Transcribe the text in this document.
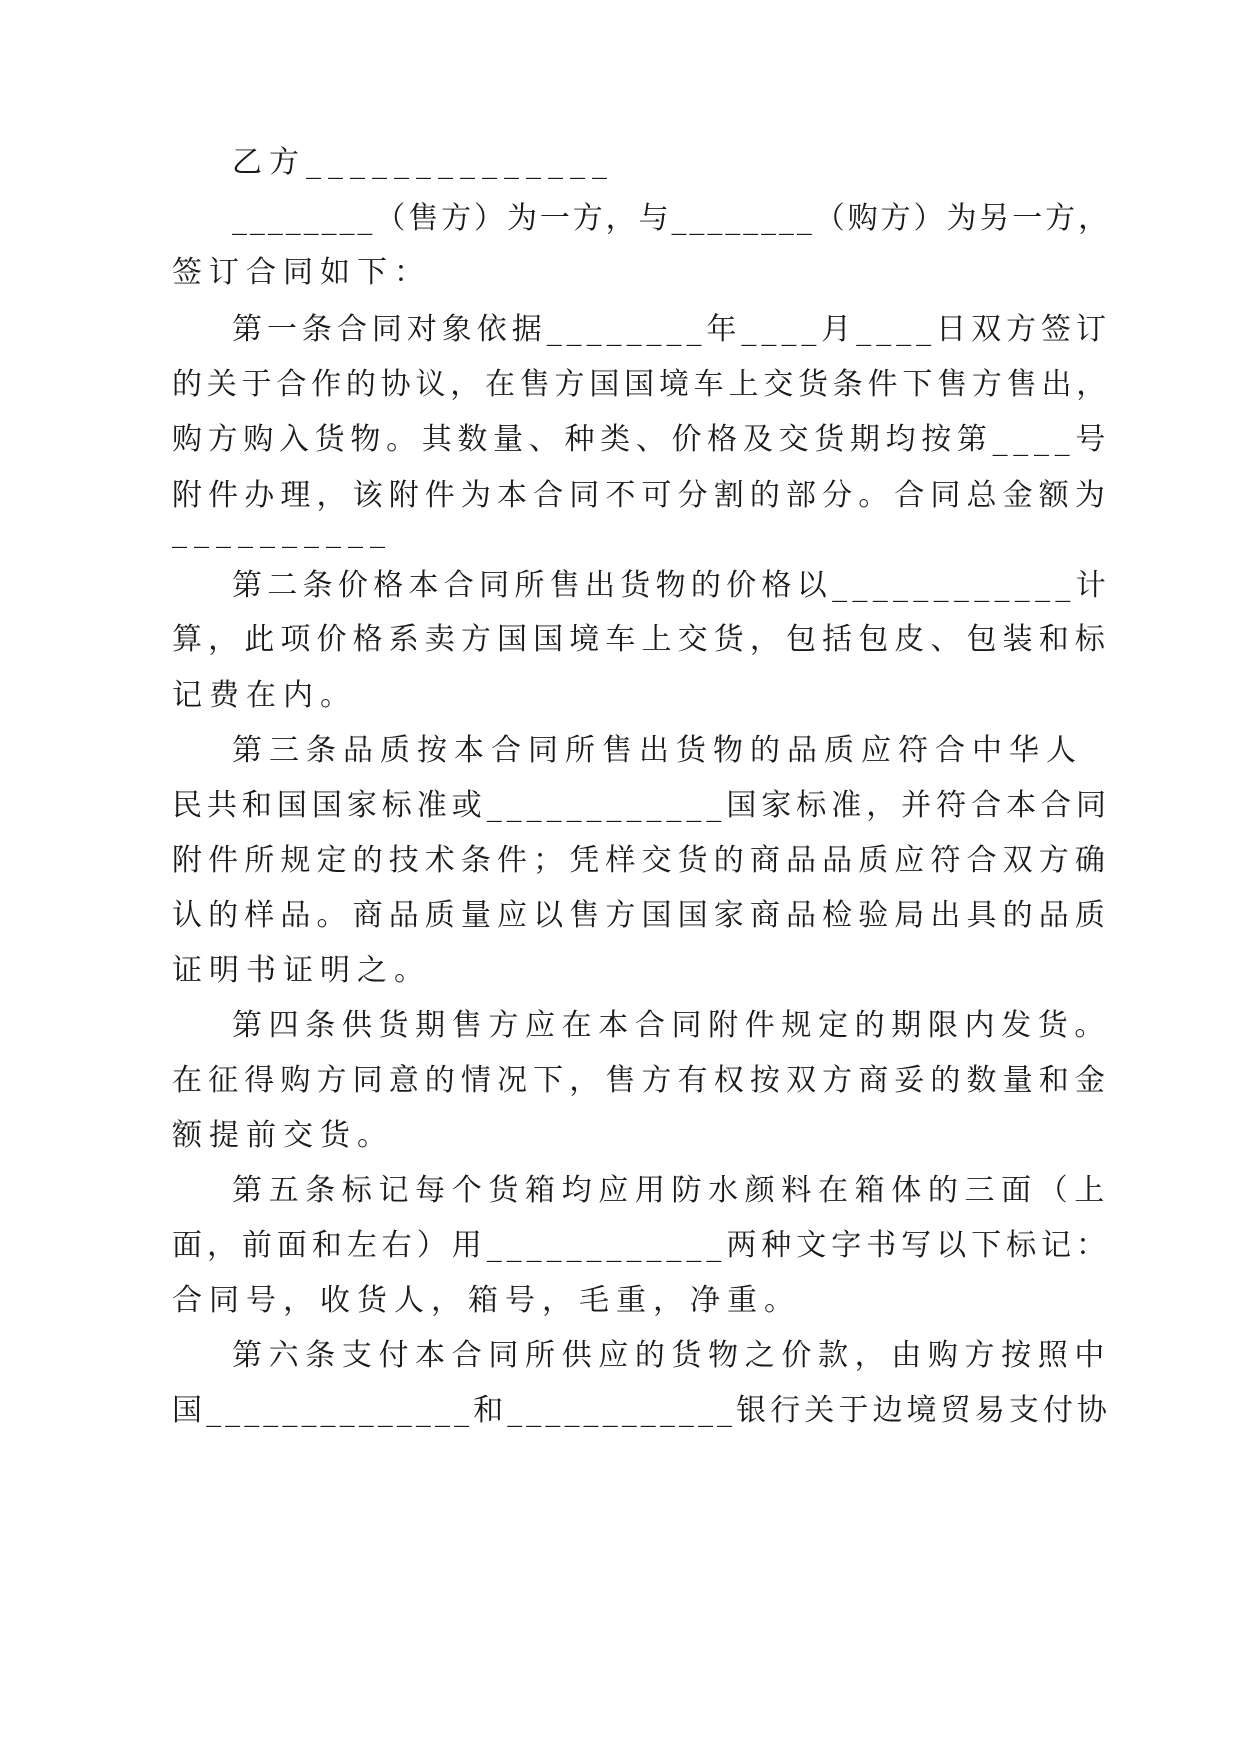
乙方______________
________（售方）为一方，与________（购方）为另一方，
签订合同如下：
第一条合同对象依据________年____月____日双方签订
的关于合作的协议，在售方国国境车上交货条件下售方售出，
购方购入货物。其数量、种类、价格及交货期均按第____号
附件办理，该附件为本合同不可分割的部分。合同总金额为
__________
第二条价格本合同所售出货物的价格以____________计
算，此项价格系卖方国国境车上交货，包括包皮、包装和标
记费在内。
第三条品质按本合同所售出货物的品质应符合中华人
民共和国国家标准或____________国家标准，并符合本合同
附件所规定的技术条件；凭样交货的商品品质应符合双方确
认的样品。商品质量应以售方国国家商品检验局出具的品质
证明书证明之。
第四条供货期售方应在本合同附件规定的期限内发货。
在征得购方同意的情况下，售方有权按双方商妥的数量和金
额提前交货。
第五条标记每个货箱均应用防水颜料在箱体的三面（上
面，前面和左右）用____________两种文字书写以下标记：
合同号，收货人，箱号，毛重，净重。
第六条支付本合同所供应的货物之价款，由购方按照中
国______________和____________银行关于边境贸易支付协
